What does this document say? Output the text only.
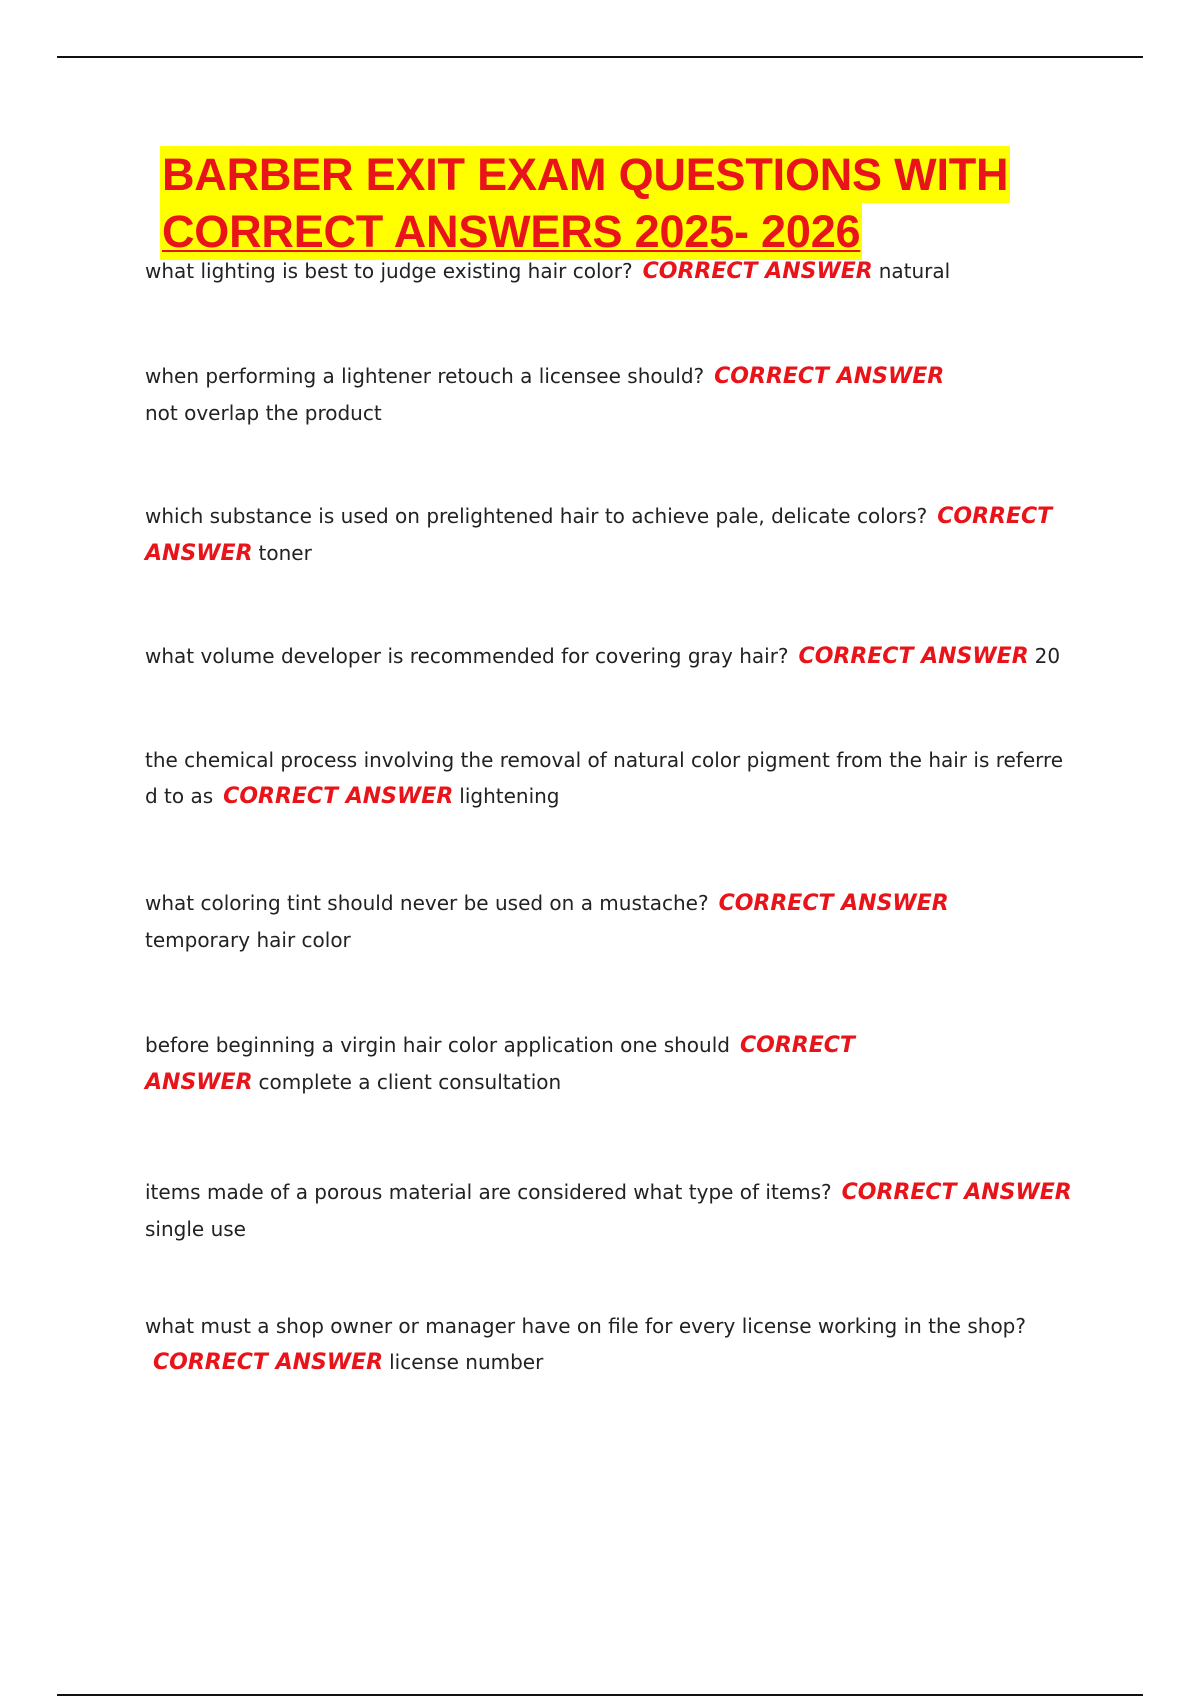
BARBER EXIT EXAM QUESTIONS WITH
CORRECT ANSWERS 2025- 2026
what lighting is best to judge existing hair color? CORRECT ANSWER natural
when performing a lightener retouch a licensee should? CORRECT ANSWER
not overlap the product
which substance is used on prelightened hair to achieve pale, delicate colors? CORRECT
ANSWER toner
what volume developer is recommended for covering gray hair? CORRECT ANSWER 20
the chemical process involving the removal of natural color pigment from the hair is referre
d to as CORRECT ANSWER lightening
what coloring tint should never be used on a mustache? CORRECT ANSWER
temporary hair color
before beginning a virgin hair color application one should CORRECT
ANSWER complete a client consultation
items made of a porous material are considered what type of items? CORRECT ANSWER
single use
what must a shop owner or manager have on file for every license working in the shop?
CORRECT ANSWER license number
